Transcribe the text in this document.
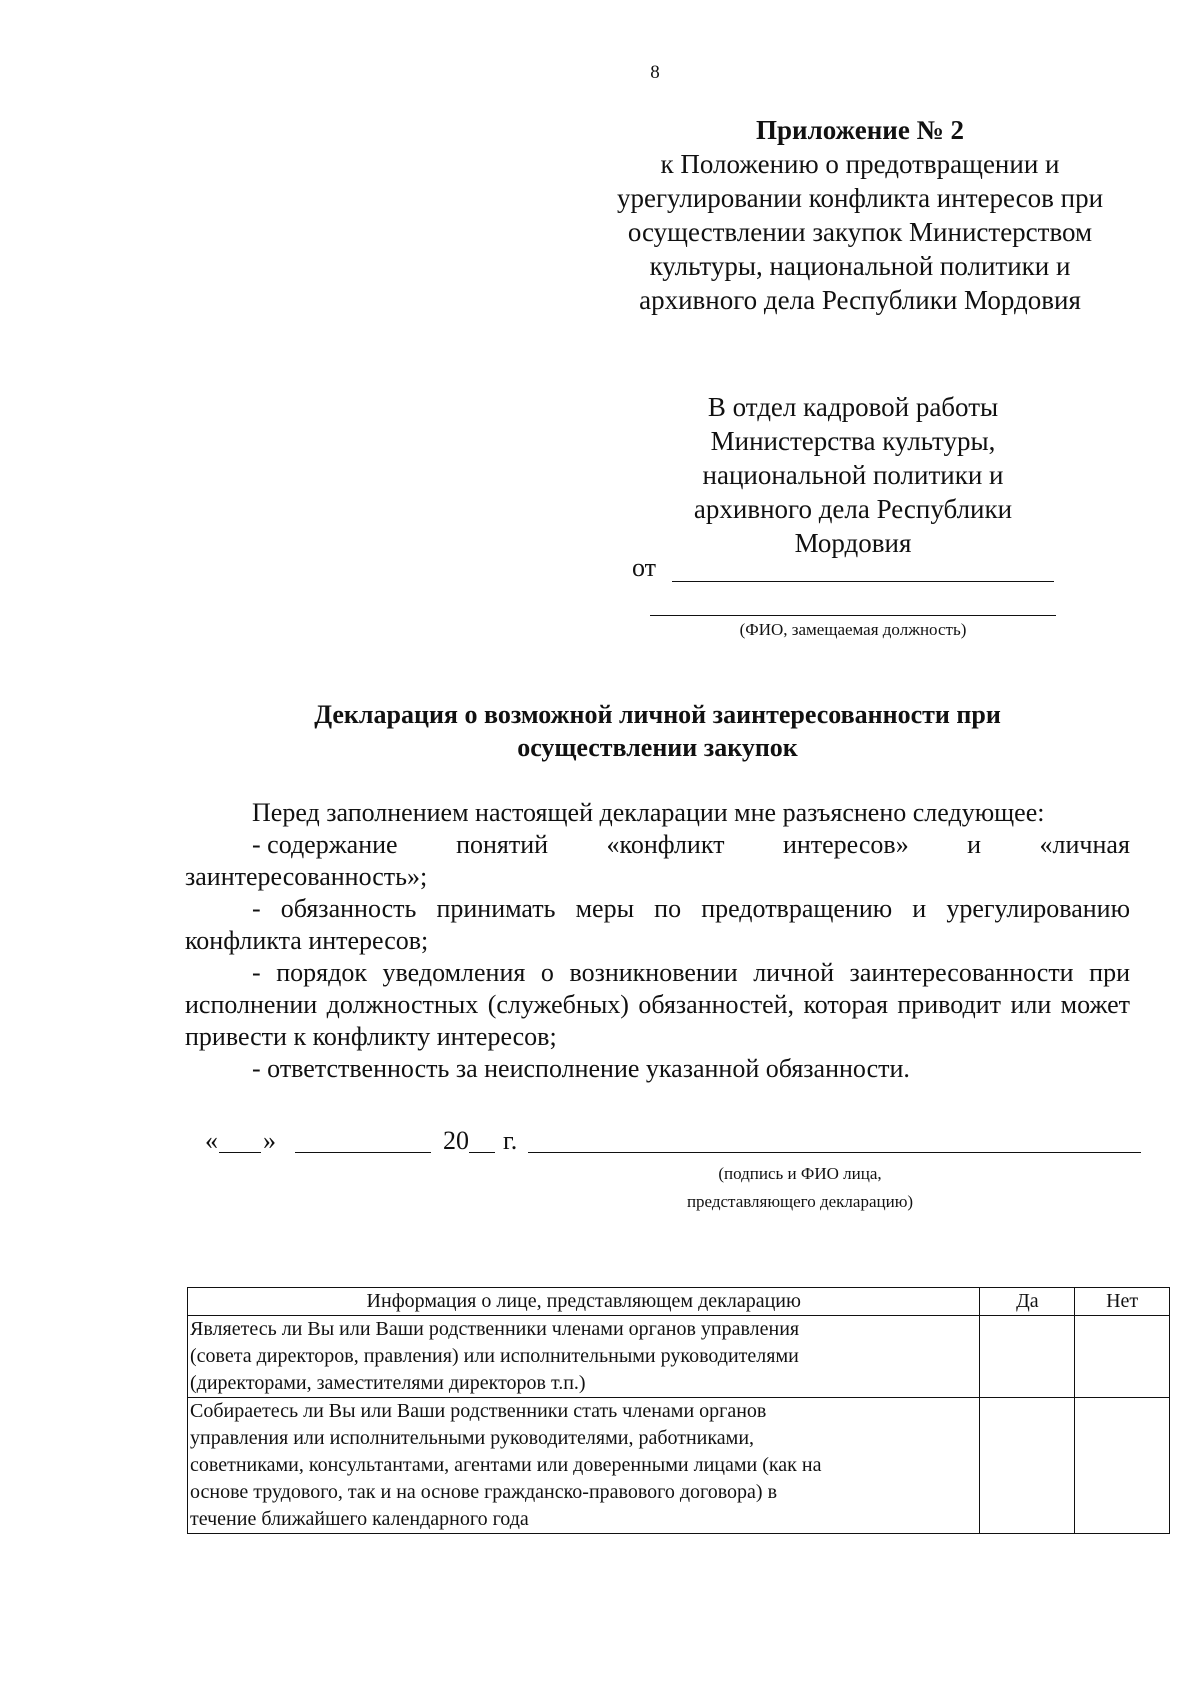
8
Приложение № 2
к Положению о предотвращении и
урегулировании конфликта интересов при
осуществлении закупок Министерством
культуры, национальной политики и
архивного дела Республики Мордовия
В отдел кадровой работы
Министерства культуры,
национальной политики и
архивного дела Республики
Мордовия
от
(ФИО, замещаемая должность)
Декларация о возможной личной заинтересованности при
осуществлении закупок

Перед заполнением настоящей декларации мне разъяснено следующее:

- содержание понятий «конфликт интересов» и «личная

заинтересованность»;

- обязанность принимать меры по предотвращению и урегулированию конфликта интересов;

- порядок уведомления о возникновении личной заинтересованности при исполнении должностных (служебных) обязанностей, которая приводит или может привести к конфликту интересов;

- ответственность за неисполнение указанной обязанности.

« »	20 г.
(подпись и ФИО лица,
представляющего декларацию)
Информация о лице, представляющем декларацию	Да	Нет

Являетесь ли Вы или Ваши родственники членами органов управления
(совета директоров, правления) или исполнительными руководителями
(директорами, заместителями директоров т.п.)		

Собираетесь ли Вы или Ваши родственники стать членами органов
управления или исполнительными руководителями, работниками,
советниками, консультантами, агентами или доверенными лицами (как на
основе трудового, так и на основе гражданско-правового договора) в
течение ближайшего календарного года		
